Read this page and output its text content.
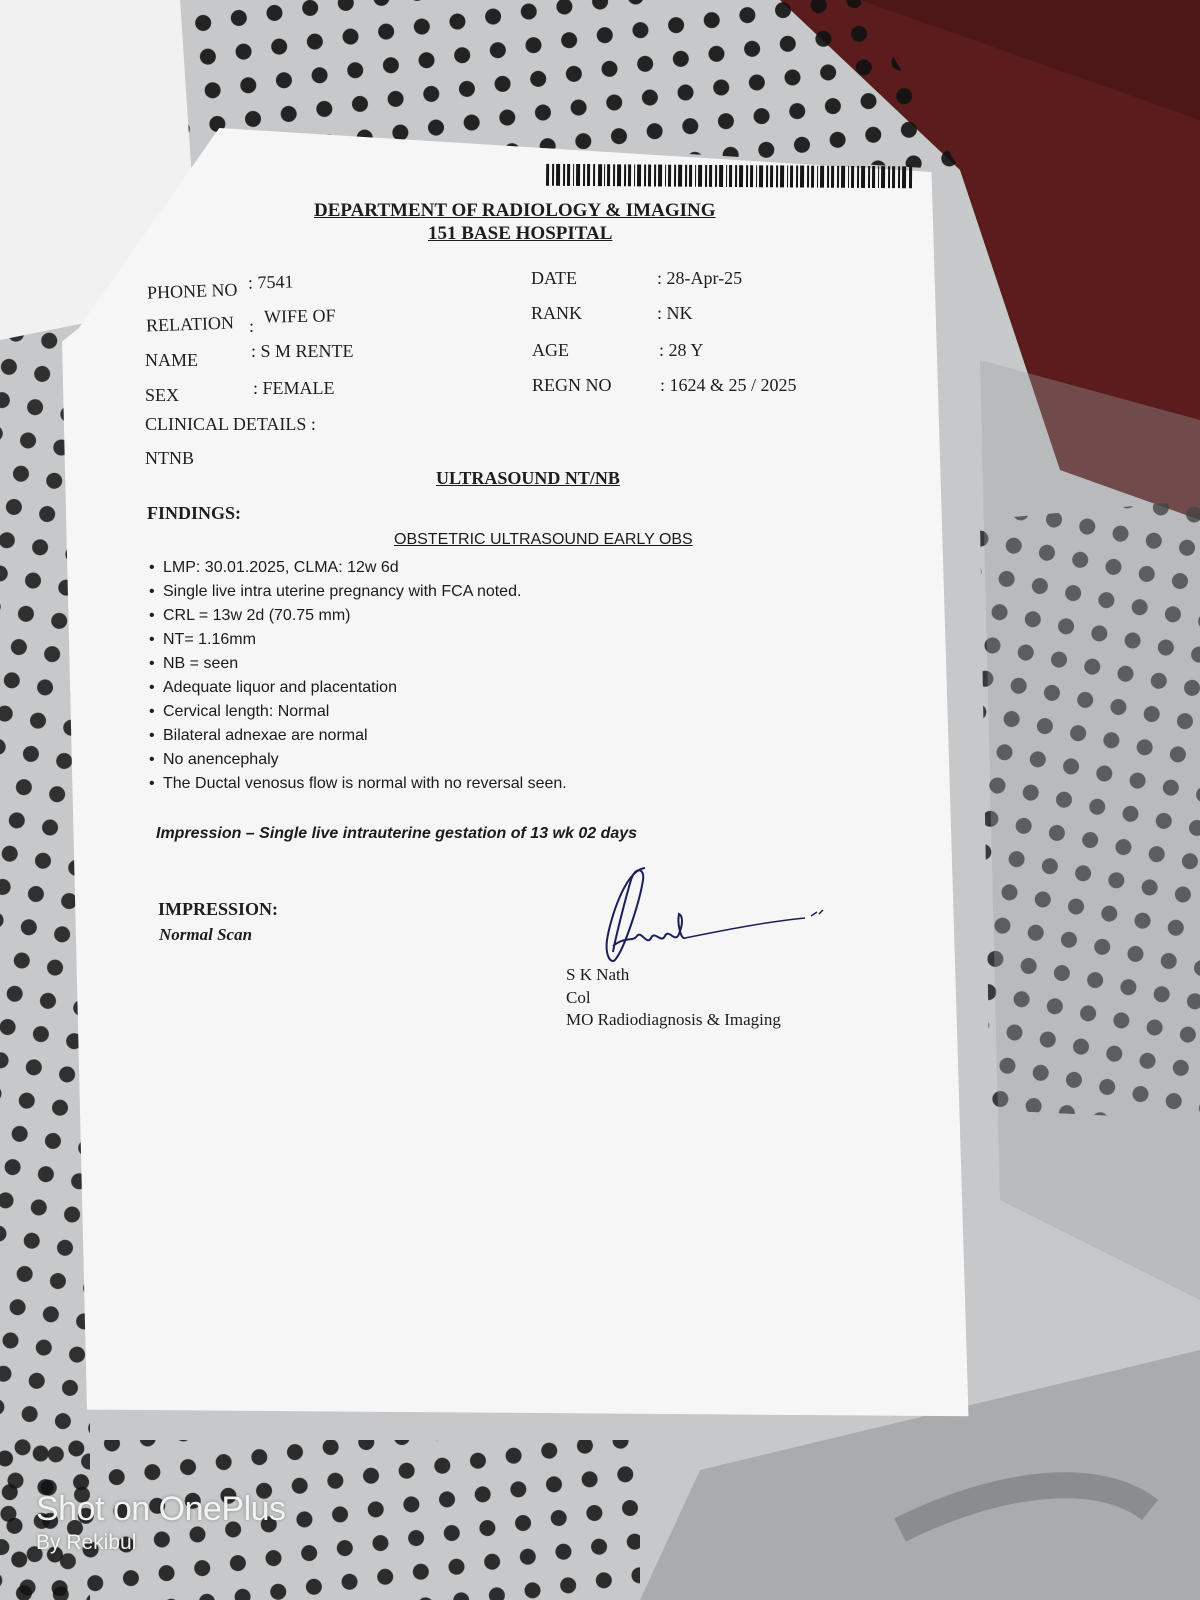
DEPARTMENT OF RADIOLOGY & IMAGING
151 BASE HOSPITAL
PHONE NO : 7541
RELATION : WIFE OF
NAME	: S M RENTE
SEX	: FEMALE
DATE	: 28-Apr-25
RANK	: NK
AGE	: 28 Y
REGN NO	: 1624 & 25 / 2025
CLINICAL DETAILS :
NTNB
ULTRASOUND NT/NB
FINDINGS:
OBSTETRIC ULTRASOUND EARLY OBS
• LMP: 30.01.2025, CLMA: 12w 6d
• Single live intra uterine pregnancy with FCA noted.
• CRL = 13w 2d (70.75 mm)
• NT= 1.16mm
• NB = seen
• Adequate liquor and placentation
• Cervical length: Normal
• Bilateral adnexae are normal
• No anencephaly
• The Ductal venosus flow is normal with no reversal seen.
Impression – Single live intrauterine gestation of 13 wk 02 days
IMPRESSION:
Normal Scan
S K Nath
Col
MO Radiodiagnosis & Imaging
Shot on OnePlus
By Rekibul
